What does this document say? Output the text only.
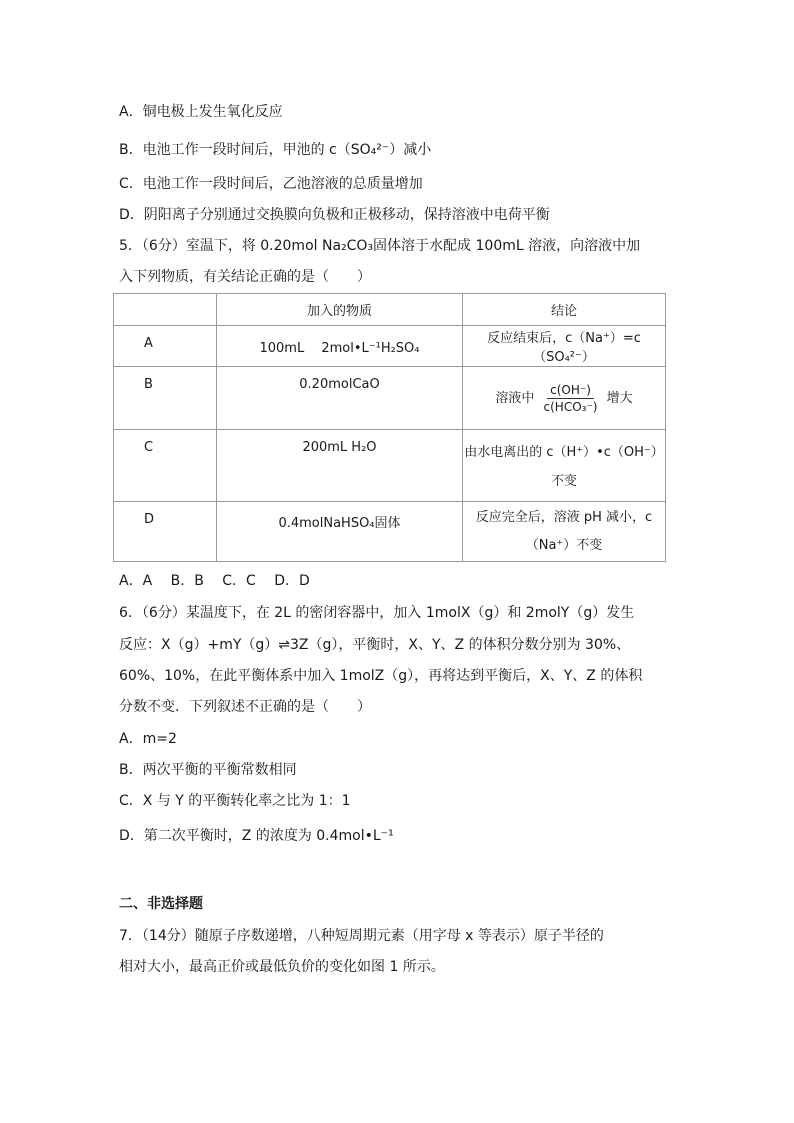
A．铜电极上发生氧化反应
B．电池工作一段时间后，甲池的 c（SO₄²⁻）减小
C．电池工作一段时间后，乙池溶液的总质量增加
D．阴阳离子分别通过交换膜向负极和正极移动，保持溶液中电荷平衡
5．（6分）室温下，将 0.20mol Na₂CO₃固体溶于水配成 100mL 溶液，向溶液中加
入下列物质，有关结论正确的是（　　）
	加入的物质	结论
A	100mL　 2mol•L⁻¹H₂SO₄	反应结束后，c（Na⁺）=c（SO₄²⁻）
B	0.20molCaO	溶液中 $\frac{c(OH^-)}{\text{c(HCO₃⁻)}}$ 增大
C	200mL H₂O	由水电离出的 c（H⁺）•c（OH⁻）
不变

D	0.4molNaHSO₄固体	反应完全后，溶液 pH 减小，c
（Na⁺）不变
A．A　 B．B　 C．C　 D．D
6．（6分）某温度下，在 2L 的密闭容器中，加入 1molX（g）和 2molY（g）发生
反应：X（g）+mY（g）⇌3Z（g），平衡时，X、Y、Z 的体积分数分别为 30%、
60%、10%，在此平衡体系中加入 1molZ（g），再将达到平衡后，X、Y、Z 的体积
分数不变．下列叙述不正确的是（　　）
A．m=2
B．两次平衡的平衡常数相同
C．X 与 Y 的平衡转化率之比为 1：1
D．第二次平衡时，Z 的浓度为 0.4mol•L⁻¹
二、非选择题
7．（14分）随原子序数递增，八种短周期元素（用字母 x 等表示）原子半径的
相对大小，最高正价或最低负价的变化如图 1 所示。
